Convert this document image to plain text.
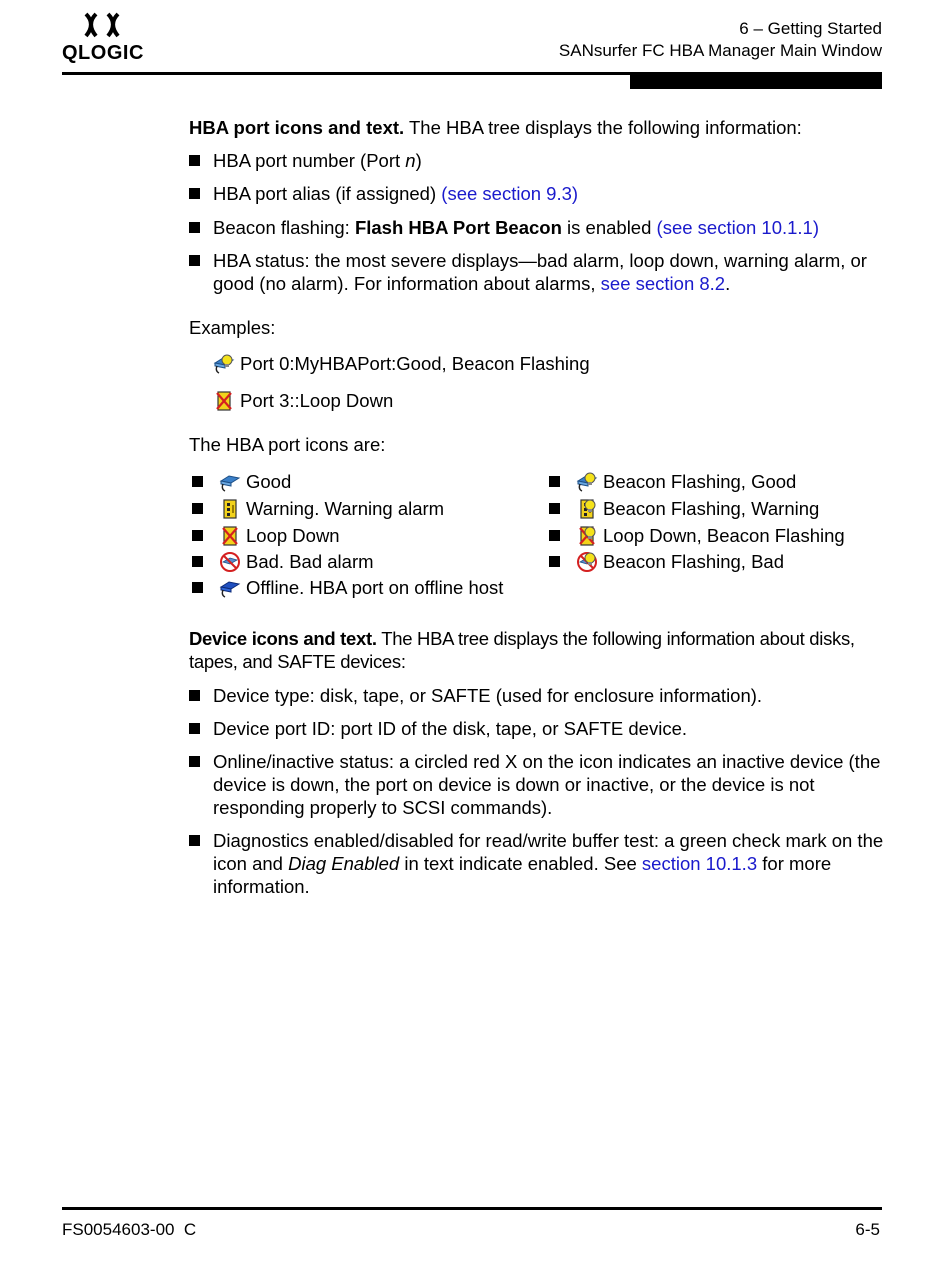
QLOGIC
6 – Getting Started
SANsurfer FC HBA Manager Main Window
HBA port icons and text. The HBA tree displays the following information:
HBA port number (Port n)
HBA port alias (if assigned) (see section 9.3)
Beacon flashing: Flash HBA Port Beacon is enabled (see section 10.1.1)
HBA status: the most severe displays—bad alarm, loop down, warning alarm, or good (no alarm). For information about alarms, see section 8.2.
Examples:
Port 0:MyHBAPort:Good, Beacon Flashing
Port 3::Loop Down
The HBA port icons are:
Good
Warning. Warning alarm
Loop Down
Bad. Bad alarm
Offline. HBA port on offline host
Beacon Flashing, Good
Beacon Flashing, Warning
Loop Down, Beacon Flashing
Beacon Flashing, Bad
Device icons and text. The HBA tree displays the following information about disks, tapes, and SAFTE devices:
Device type: disk, tape, or SAFTE (used for enclosure information).
Device port ID: port ID of the disk, tape, or SAFTE device.
Online/inactive status: a circled red X on the icon indicates an inactive device (the device is down, the port on device is down or inactive, or the device is not responding properly to SCSI commands).
Diagnostics enabled/disabled for read/write buffer test: a green check mark on the icon and Diag Enabled in text indicate enabled. See section 10.1.3 for more information.
FS0054603-00  C	6-5
